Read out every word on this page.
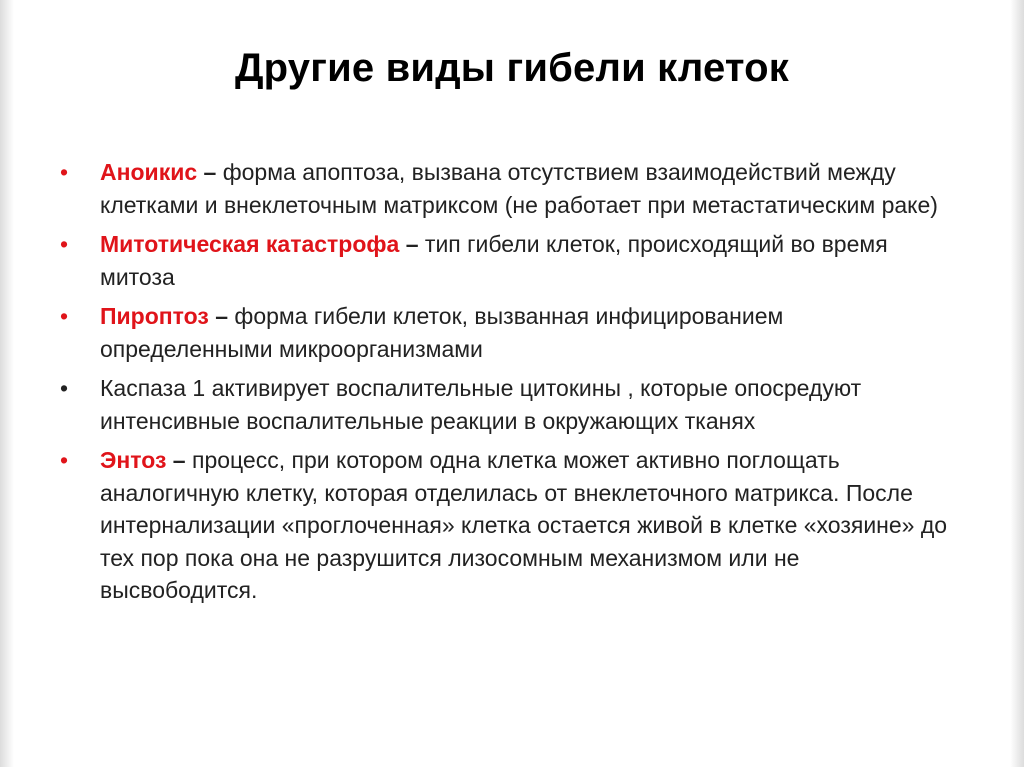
Другие виды гибели клеток
•	Аноикис – форма апоптоза, вызвана отсутствием взаимодействий между клетками и внеклеточным матриксом (не работает при метастатическим раке)
•	Митотическая катастрофа – тип гибели клеток, происходящий во время митоза
•	Пироптоз – форма гибели клеток, вызванная инфицированием определенными микроорганизмами
•	Каспаза 1 активирует воспалительные цитокины , которые опосредуют интенсивные воспалительные реакции в окружающих тканях
•	Энтоз – процесс, при котором одна клетка может активно поглощать аналогичную клетку, которая отделилась от внеклеточного матрикса. После интернализации «проглоченная» клетка остается живой в клетке «хозяине» до тех пор пока она не разрушится лизосомным механизмом или не высвободится.
